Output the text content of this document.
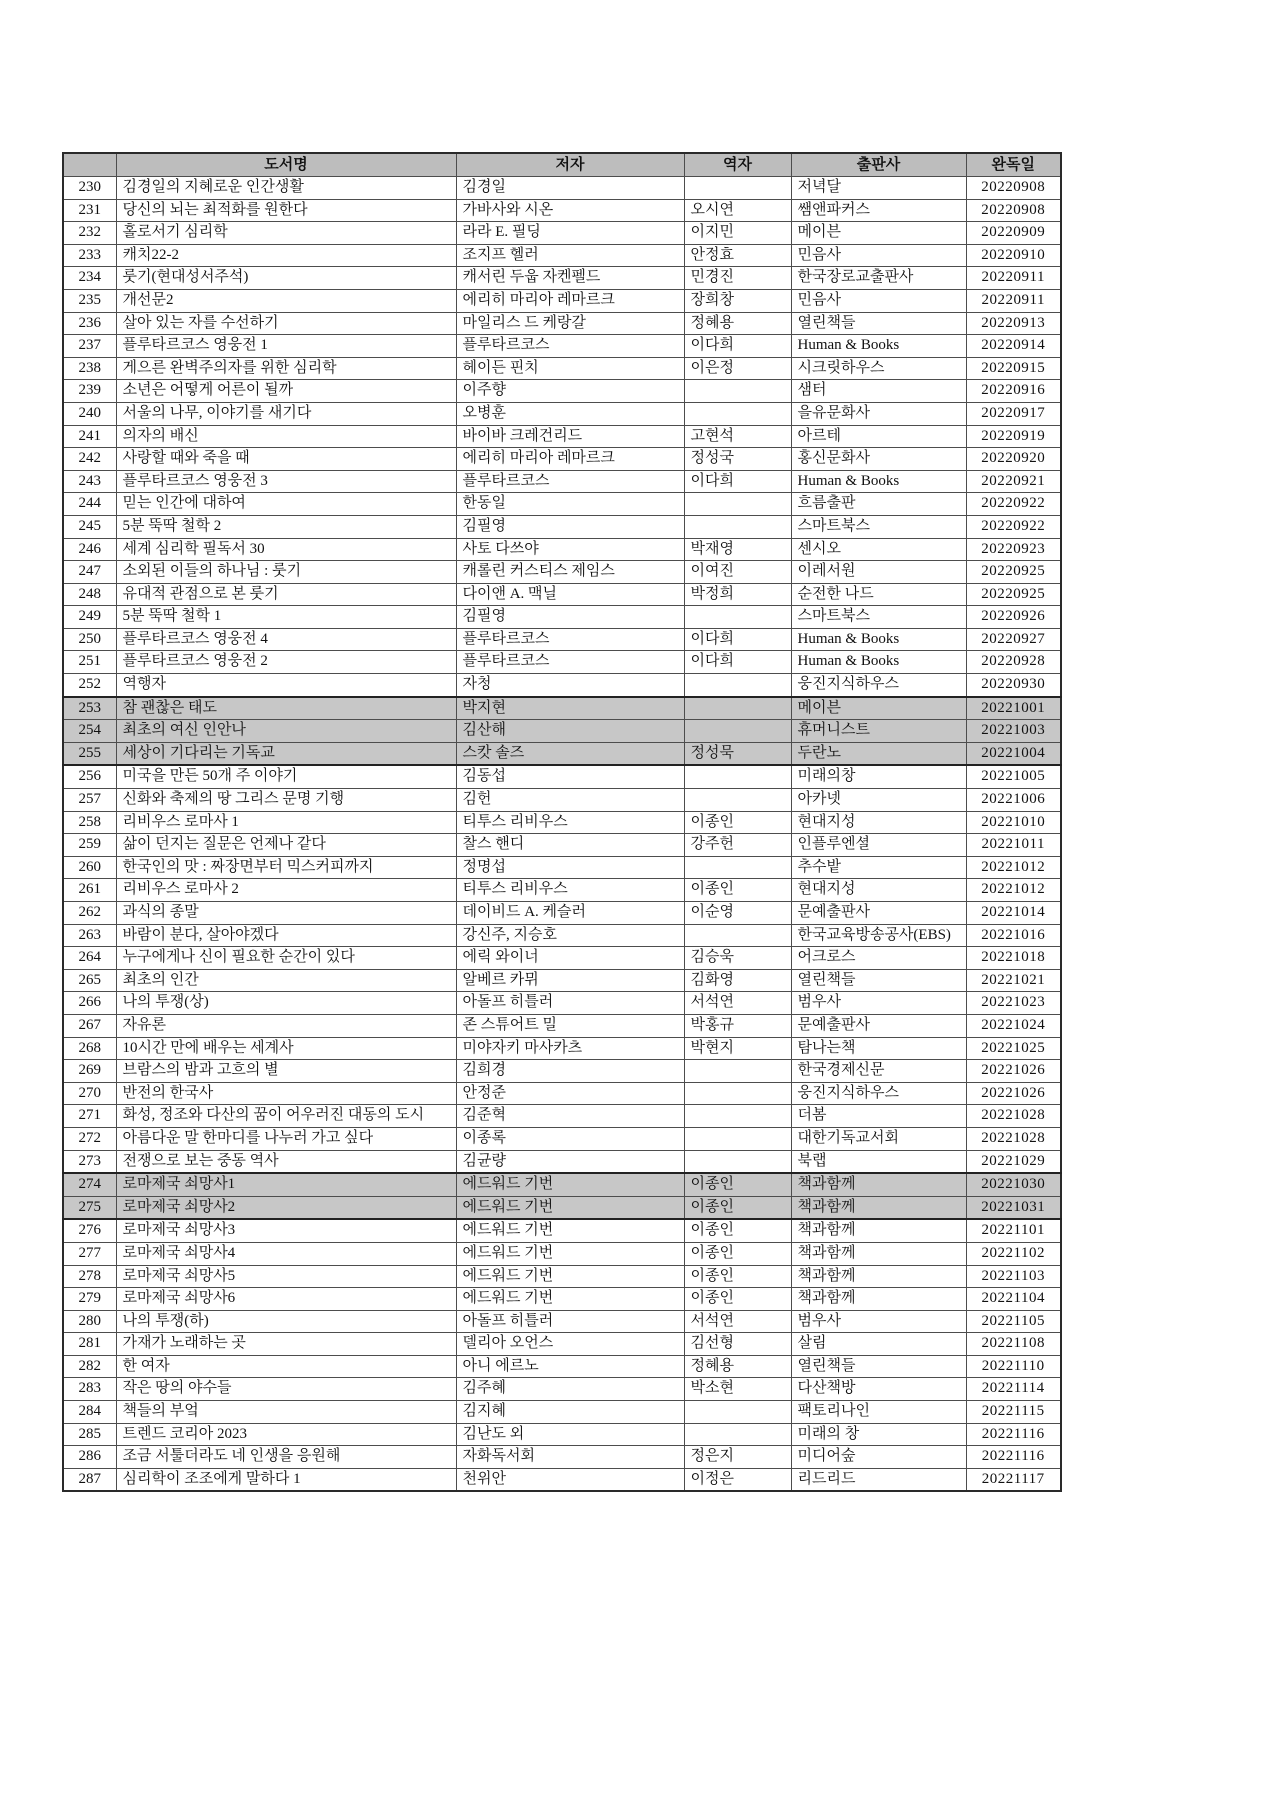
	도서명	저자	역자	출판사	완독일
230	김경일의 지혜로운 인간생활	김경일		저녁달	20220908
231	당신의 뇌는 최적화를 원한다	가바사와 시온	오시연	쌤앤파커스	20220908
232	홀로서기 심리학	라라 E. 필딩	이지민	메이븐	20220909
233	캐치22-2	조지프 헬러	안정효	민음사	20220910
234	룻기(현대성서주석)	캐서린 두웁 자켄펠드	민경진	한국장로교출판사	20220911
235	개선문2	에리히 마리아 레마르크	장희창	민음사	20220911
236	살아 있는 자를 수선하기	마일리스 드 케랑갈	정혜용	열린책들	20220913
237	플루타르코스 영웅전 1	플루타르코스	이다희	Human & Books	20220914
238	게으른 완벽주의자를 위한 심리학	헤이든 핀치	이은정	시크릿하우스	20220915
239	소년은 어떻게 어른이 될까	이주향		샘터	20220916
240	서울의 나무, 이야기를 새기다	오병훈		을유문화사	20220917
241	의자의 배신	바이바 크레건리드	고현석	아르테	20220919
242	사랑할 때와 죽을 때	에리히 마리아 레마르크	정성국	홍신문화사	20220920
243	플루타르코스 영웅전 3	플루타르코스	이다희	Human & Books	20220921
244	믿는 인간에 대하여	한동일		흐름출판	20220922
245	5분 뚝딱 철학 2	김필영		스마트북스	20220922
246	세계 심리학 필독서 30	사토 다쓰야	박재영	센시오	20220923
247	소외된 이들의 하나님 : 룻기	캐롤린 커스티스 제임스	이여진	이레서원	20220925
248	유대적 관점으로 본 룻기	다이앤 A. 맥닐	박정희	순전한 나드	20220925
249	5분 뚝딱 철학 1	김필영		스마트북스	20220926
250	플루타르코스 영웅전 4	플루타르코스	이다희	Human & Books	20220927
251	플루타르코스 영웅전 2	플루타르코스	이다희	Human & Books	20220928
252	역행자	자청		웅진지식하우스	20220930
253	참 괜찮은 태도	박지현		메이븐	20221001
254	최초의 여신 인안나	김산해		휴머니스트	20221003
255	세상이 기다리는 기독교	스캇 솔즈	정성묵	두란노	20221004
256	미국을 만든 50개 주 이야기	김동섭		미래의창	20221005
257	신화와 축제의 땅 그리스 문명 기행	김헌		아카넷	20221006
258	리비우스 로마사 1	티투스 리비우스	이종인	현대지성	20221010
259	삶이 던지는 질문은 언제나 같다	찰스 핸디	강주헌	인플루엔셜	20221011
260	한국인의 맛 : 짜장면부터 믹스커피까지	정명섭		추수밭	20221012
261	리비우스 로마사 2	티투스 리비우스	이종인	현대지성	20221012
262	과식의 종말	데이비드 A. 케슬러	이순영	문예출판사	20221014
263	바람이 분다, 살아야겠다	강신주, 지승호		한국교육방송공사(EBS)	20221016
264	누구에게나 신이 필요한 순간이 있다	에릭 와이너	김승욱	어크로스	20221018
265	최초의 인간	알베르 카뮈	김화영	열린책들	20221021
266	나의 투쟁(상)	아돌프 히틀러	서석연	범우사	20221023
267	자유론	존 스튜어트 밀	박홍규	문예출판사	20221024
268	10시간 만에 배우는 세계사	미야자키 마사카츠	박현지	탐나는책	20221025
269	브람스의 밤과 고흐의 별	김희경		한국경제신문	20221026
270	반전의 한국사	안정준		웅진지식하우스	20221026
271	화성, 정조와 다산의 꿈이 어우러진 대동의 도시	김준혁		더봄	20221028
272	아름다운 말 한마디를 나누러 가고 싶다	이종록		대한기독교서회	20221028
273	전쟁으로 보는 중동 역사	김균량		북랩	20221029
274	로마제국 쇠망사1	에드워드 기번	이종인	책과함께	20221030
275	로마제국 쇠망사2	에드워드 기번	이종인	책과함께	20221031
276	로마제국 쇠망사3	에드워드 기번	이종인	책과함께	20221101
277	로마제국 쇠망사4	에드워드 기번	이종인	책과함께	20221102
278	로마제국 쇠망사5	에드워드 기번	이종인	책과함께	20221103
279	로마제국 쇠망사6	에드워드 기번	이종인	책과함께	20221104
280	나의 투쟁(하)	아돌프 히틀러	서석연	범우사	20221105
281	가재가 노래하는 곳	델리아 오언스	김선형	살림	20221108
282	한 여자	아니 에르노	정혜용	열린책들	20221110
283	작은 땅의 야수들	김주혜	박소현	다산책방	20221114
284	책들의 부엌	김지혜		팩토리나인	20221115
285	트렌드 코리아 2023	김난도 외		미래의 창	20221116
286	조금 서툴더라도 네 인생을 응원해	자화독서회	정은지	미디어숲	20221116
287	심리학이 조조에게 말하다 1	천위안	이정은	리드리드	20221117
